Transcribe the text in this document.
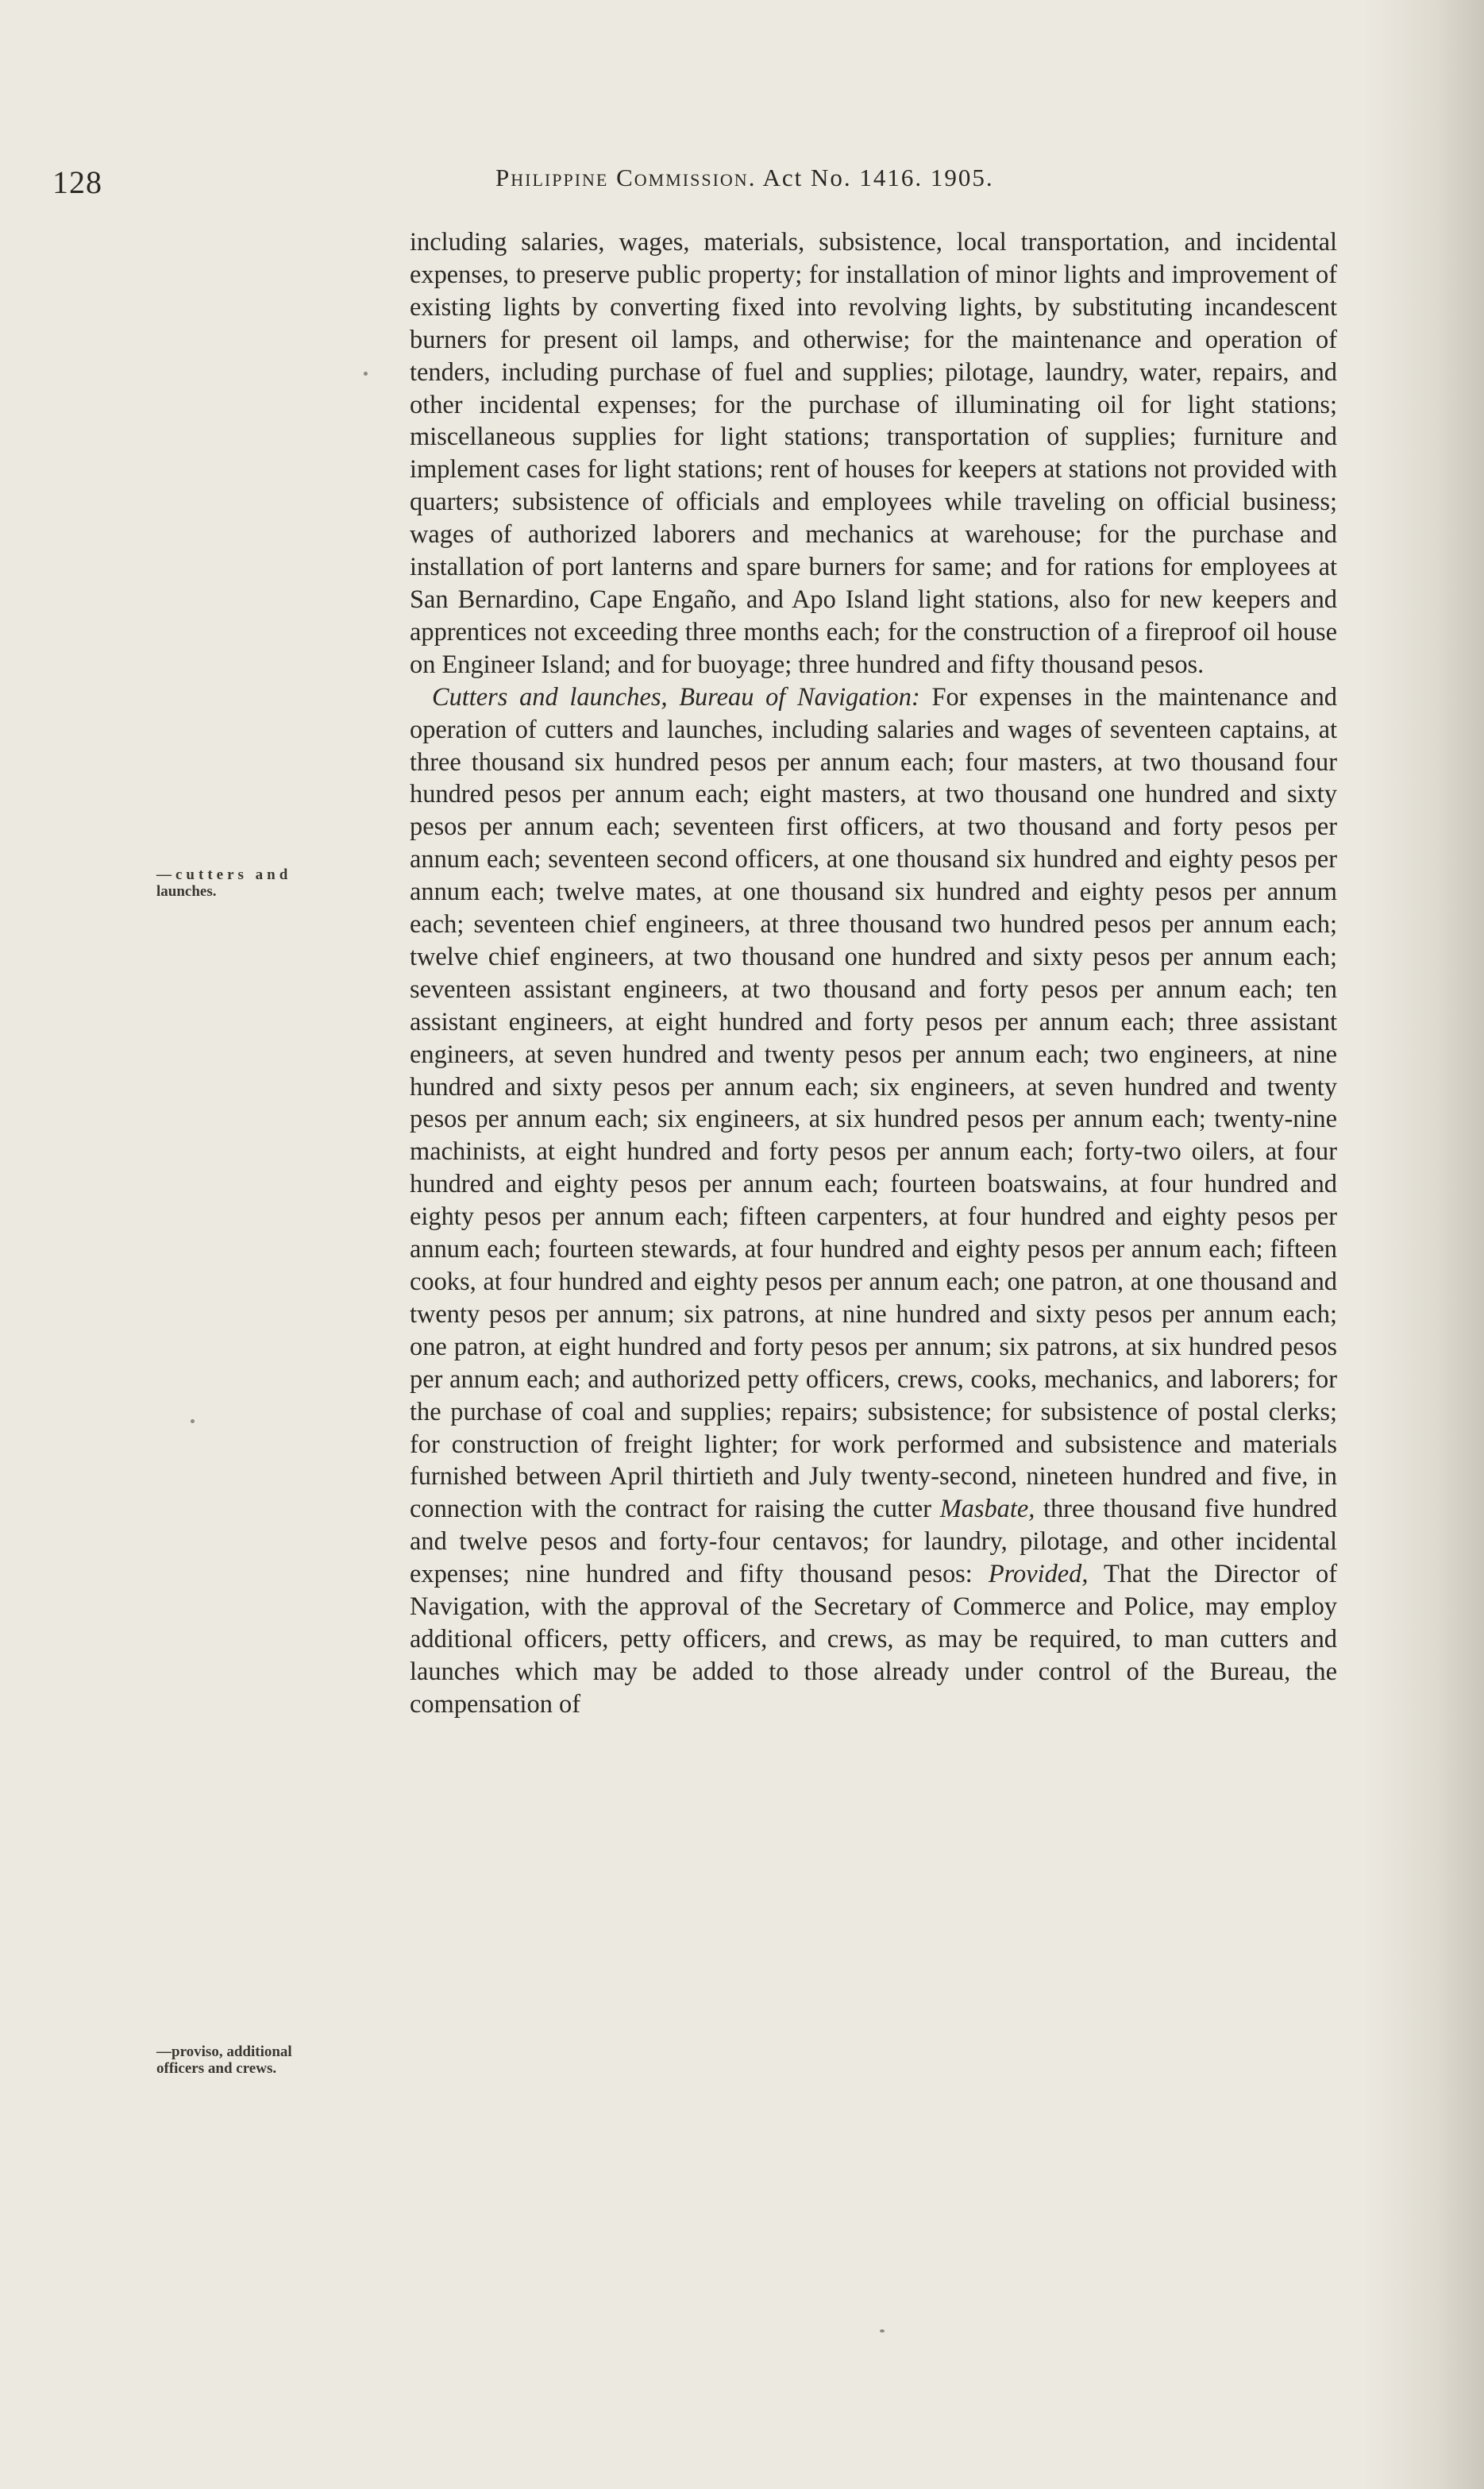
128	Philippine Commission. Act No. 1416. 1905.
—cutters and
launches.
—proviso, additional
officers and crews.

including salaries, wages, materials, subsistence, local transportation, and incidental expenses, to preserve public property; for installation of minor lights and improvement of existing lights by converting fixed into revolving lights, by substituting incandescent burners for present oil lamps, and otherwise; for the maintenance and operation of tenders, including purchase of fuel and supplies; pilotage, laundry, water, repairs, and other incidental expenses; for the purchase of illuminating oil for light stations; miscellaneous supplies for light stations; transportation of supplies; furniture and implement cases for light stations; rent of houses for keepers at stations not provided with quarters; subsistence of officials and employees while traveling on official business; wages of authorized laborers and mechanics at warehouse; for the purchase and installation of port lanterns and spare burners for same; and for rations for employees at San Bernardino, Cape Engaño, and Apo Island light stations, also for new keepers and apprentices not exceeding three months each; for the construction of a fireproof oil house on Engineer Island; and for buoyage; three hundred and fifty thousand pesos.

Cutters and launches, Bureau of Navigation: For expenses in the maintenance and operation of cutters and launches, including salaries and wages of seventeen captains, at three thousand six hundred pesos per annum each; four masters, at two thousand four hundred pesos per annum each; eight masters, at two thousand one hundred and sixty pesos per annum each; seventeen first officers, at two thousand and forty pesos per annum each; seventeen second officers, at one thousand six hundred and eighty pesos per annum each; twelve mates, at one thousand six hundred and eighty pesos per annum each; seventeen chief engineers, at three thousand two hundred pesos per annum each; twelve chief engineers, at two thousand one hundred and sixty pesos per annum each; seventeen assistant engineers, at two thousand and forty pesos per annum each; ten assistant engineers, at eight hundred and forty pesos per annum each; three assistant engineers, at seven hundred and twenty pesos per annum each; two engineers, at nine hundred and sixty pesos per annum each; six engineers, at seven hundred and twenty pesos per annum each; six engineers, at six hundred pesos per annum each; twenty-nine machinists, at eight hundred and forty pesos per annum each; forty-two oilers, at four hundred and eighty pesos per annum each; fourteen boatswains, at four hundred and eighty pesos per annum each; fifteen carpenters, at four hundred and eighty pesos per annum each; fourteen stewards, at four hundred and eighty pesos per annum each; fifteen cooks, at four hundred and eighty pesos per annum each; one patron, at one thousand and twenty pesos per annum; six patrons, at nine hundred and sixty pesos per annum each; one patron, at eight hundred and forty pesos per annum; six patrons, at six hundred pesos per annum each; and authorized petty officers, crews, cooks, mechanics, and laborers; for the purchase of coal and supplies; repairs; subsistence; for subsistence of postal clerks; for construction of freight lighter; for work performed and subsistence and materials furnished between April thirtieth and July twenty-second, nineteen hundred and five, in connection with the contract for raising the cutter Masbate, three thousand five hundred and twelve pesos and forty-four centavos; for laundry, pilotage, and other incidental expenses; nine hundred and fifty thousand pesos: Provided, That the Director of Navigation, with the approval of the Secretary of Commerce and Police, may employ additional officers, petty officers, and crews, as may be required, to man cutters and launches which may be added to those already under control of the Bureau, the compensation of
